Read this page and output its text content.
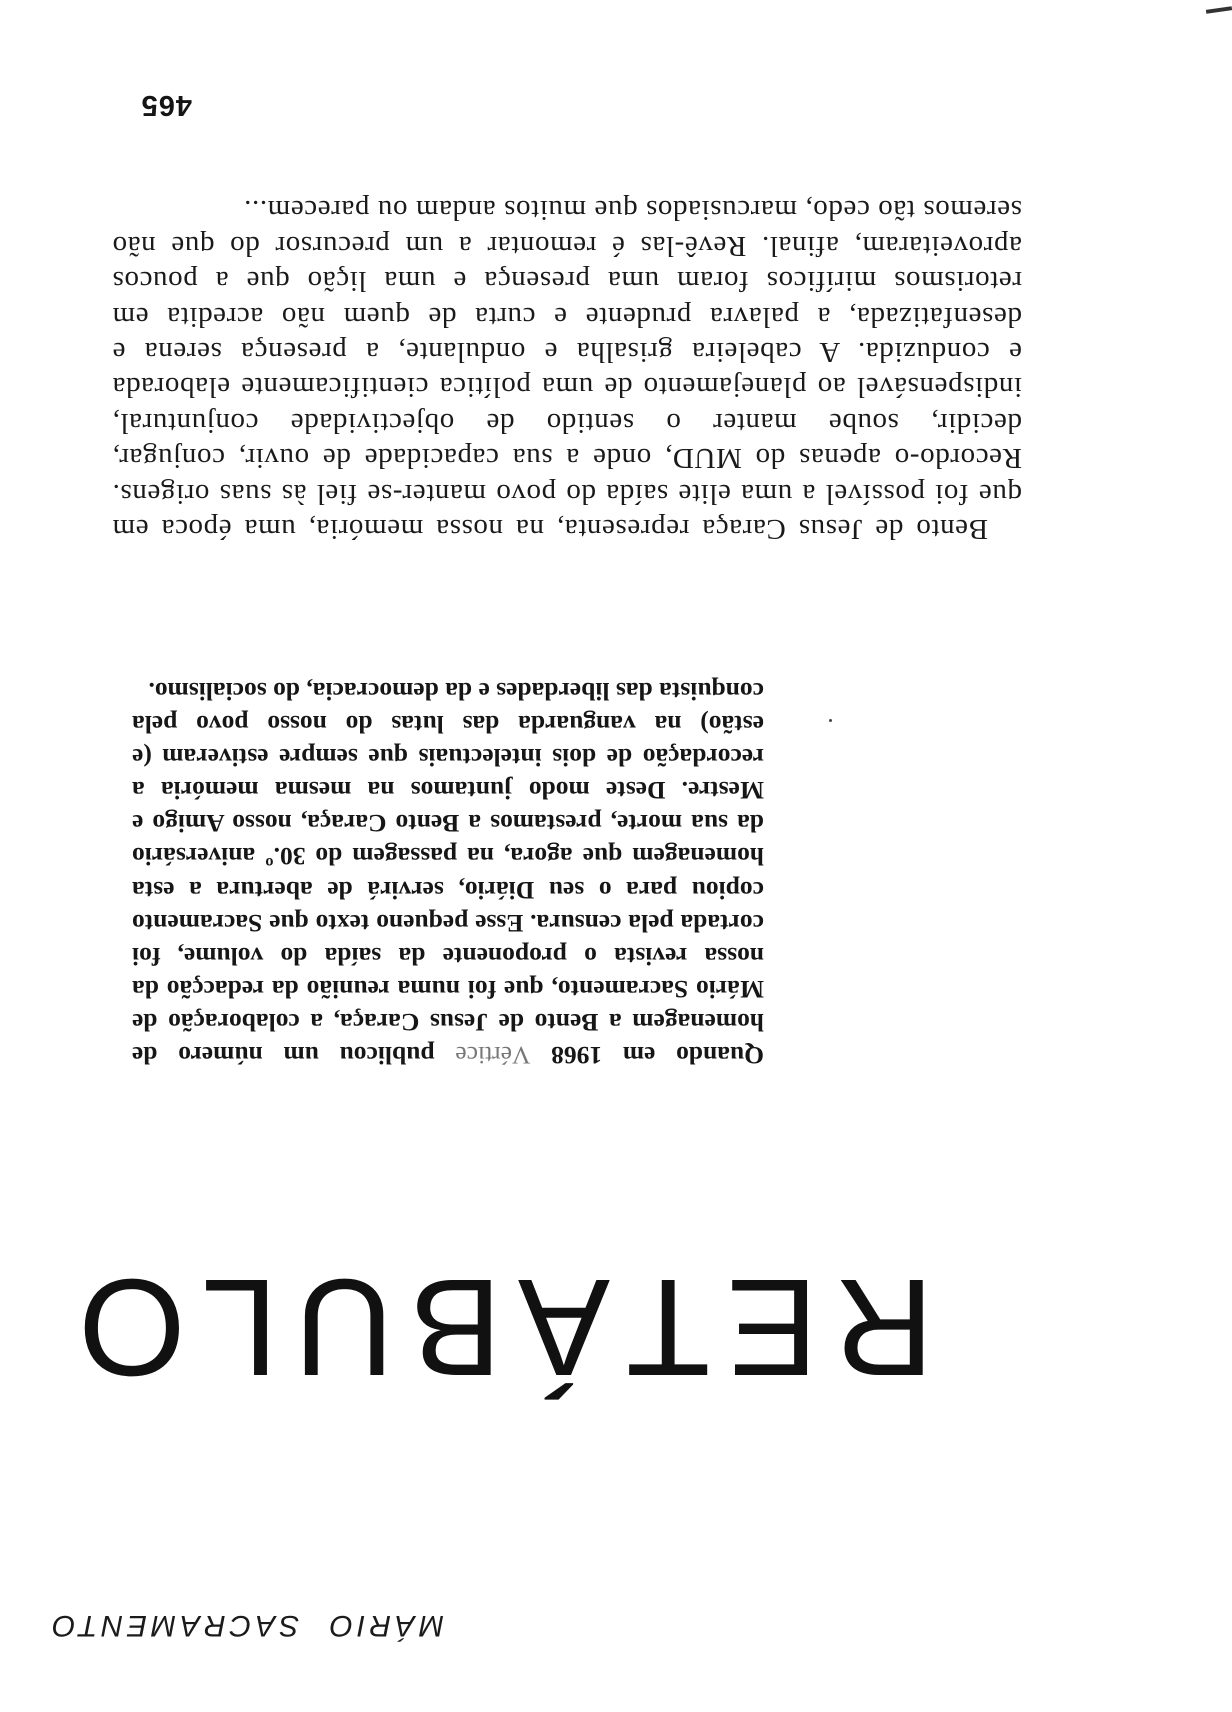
MÁRIO SACRAMENTO
RETÁBULO

Quando em 1968 Vértice publicou um número de homenagem a Bento de Jesus Caraça, a colaboração de Mário Sacramento, que foi numa reunião da redacção da nossa revista o proponente da saída do volume, foi cortada pela censura. Esse pequeno texto que Sacramento copiou para o seu Diário, servirá de abertura a esta homenagem que agora, na passagem do 30.º aniversário da sua morte, prestamos a Bento Caraça, nosso Amigo e Mestre. Deste modo juntamos na mesma memória a recordação de dois intelectuais que sempre estiveram (e estão) na vanguarda das lutas do nosso povo pela conquista das liberdades e da democracia, do socialismo.

Bento de Jesus Caraça representa, na nossa memória, uma época em que foi possível a uma elite saída do povo manter-se fiel às suas origens. Recordo-o apenas do MUD, onde a sua capacidade de ouvir, conjugar, decidir, soube manter o sentido de objectividade conjuntural, indispensável ao planejamento de uma política cientificamente elaborada e conduzida. A cabeleira grisalha e ondulante, a presença serena e desenfatizada, a palavra prudente e curta de quem não acredita em retorismos miríficos foram uma presença e uma lição que a poucos aproveitaram, afinal. Revê-las é remontar a um precursor do que não seremos tão cedo, marcusiados que muitos andam ou parecem...

465
